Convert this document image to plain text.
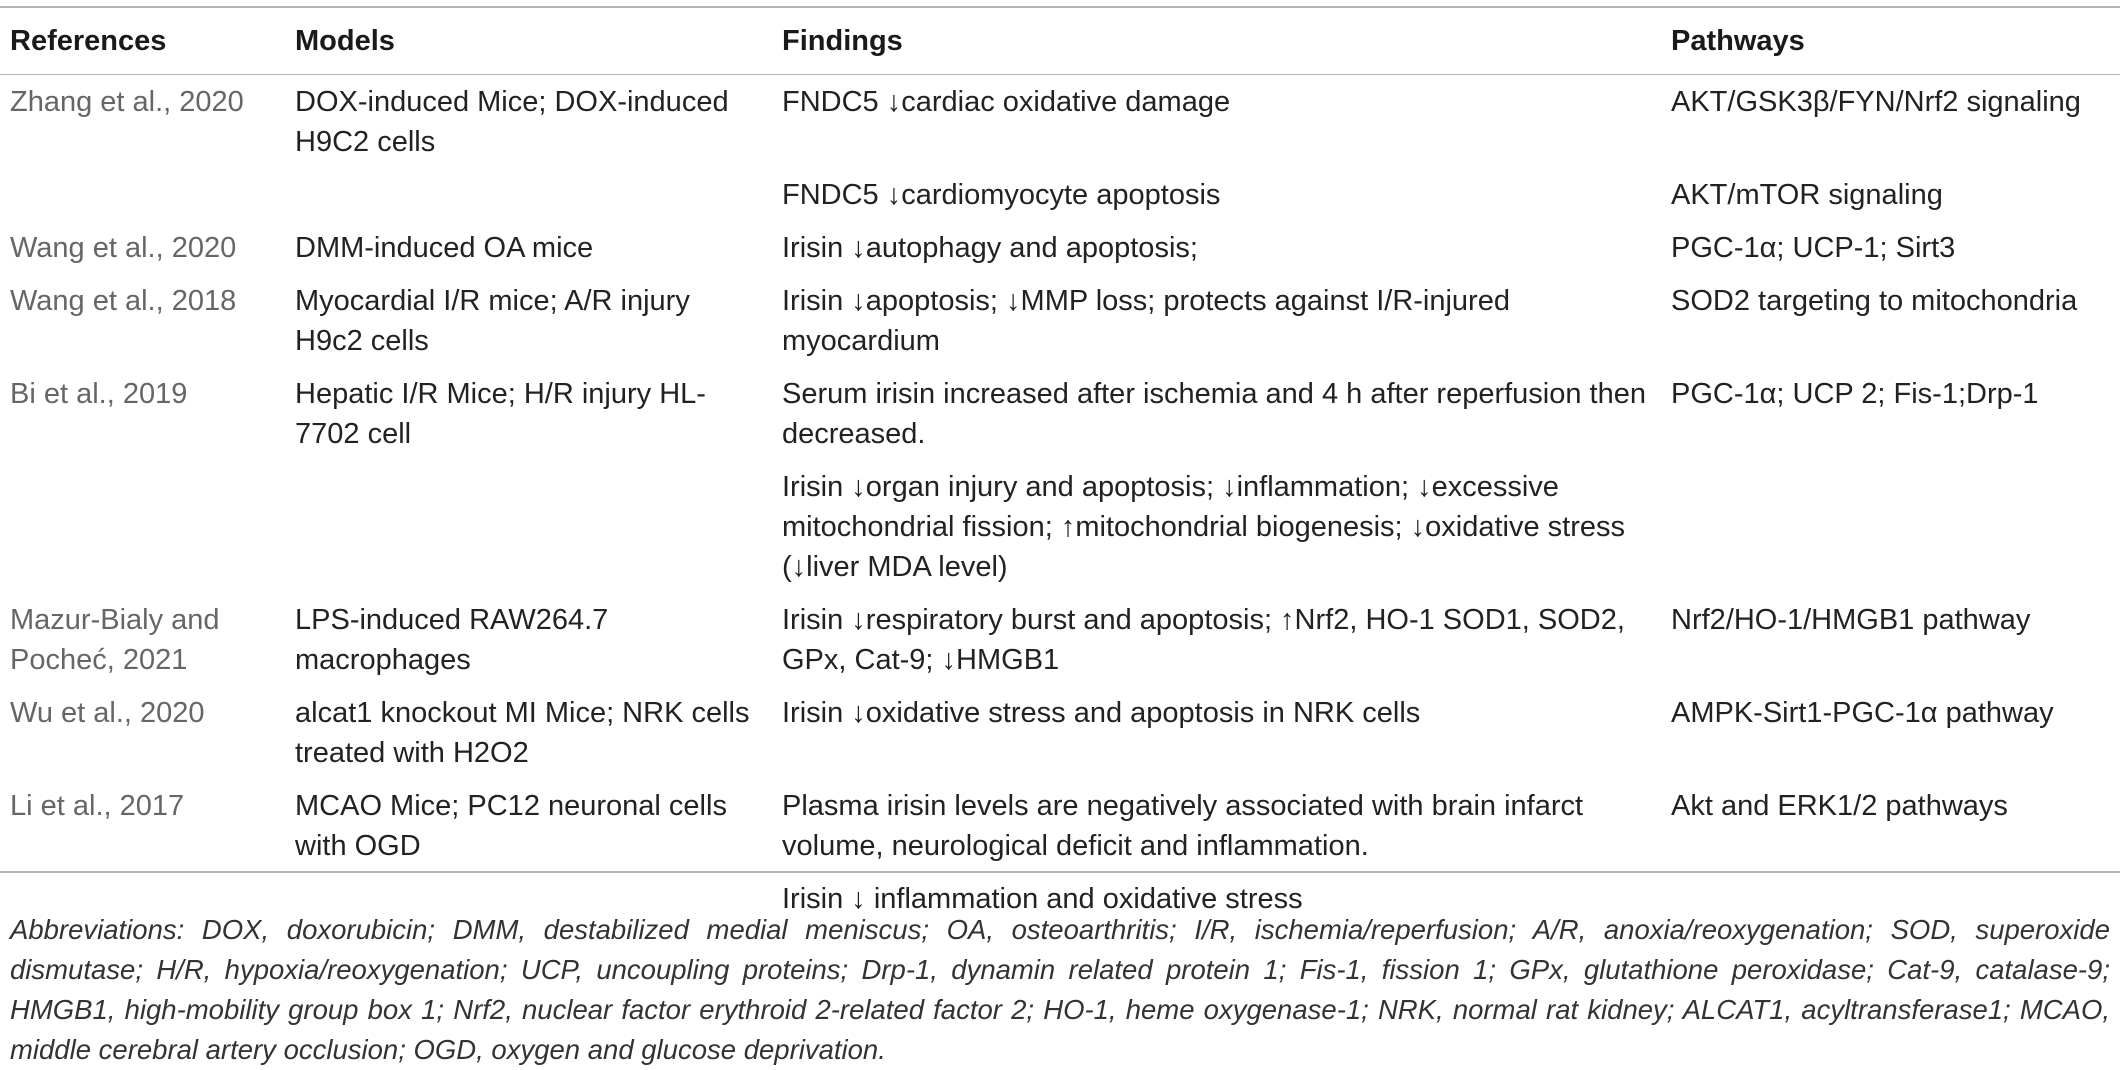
References	Models	Findings	Pathways
Zhang et al., 2020	DOX-induced Mice; DOX-induced H9C2 cells	FNDC5 ↓cardiac oxidative damage	AKT/GSK3β/FYN/Nrf2 signaling
		FNDC5 ↓cardiomyocyte apoptosis	AKT/mTOR signaling
Wang et al., 2020	DMM-induced OA mice	Irisin ↓autophagy and apoptosis;	PGC-1α; UCP-1; Sirt3
Wang et al., 2018	Myocardial I/R mice; A/R injury H9c2 cells	Irisin ↓apoptosis; ↓MMP loss; protects against I/R-injured myocardium	SOD2 targeting to mitochondria
Bi et al., 2019	Hepatic I/R Mice; H/R injury HL-7702 cell	Serum irisin increased after ischemia and 4 h after reperfusion then decreased.	PGC-1α; UCP 2; Fis-1;Drp-1
		Irisin ↓organ injury and apoptosis; ↓inflammation; ↓excessive mitochondrial fission; ↑mitochondrial biogenesis; ↓oxidative stress (↓liver MDA level)	
Mazur-Bialy and Pocheć, 2021	LPS-induced RAW264.7 macrophages	Irisin ↓respiratory burst and apoptosis; ↑Nrf2, HO-1 SOD1, SOD2, GPx, Cat-9; ↓HMGB1	Nrf2/HO-1/HMGB1 pathway
Wu et al., 2020	alcat1 knockout MI Mice; NRK cells treated with H2O2	Irisin ↓oxidative stress and apoptosis in NRK cells	AMPK-Sirt1-PGC-1α pathway
Li et al., 2017	MCAO Mice; PC12 neuronal cells with OGD	Plasma irisin levels are negatively associated with brain infarct volume, neurological deficit and inflammation.	Akt and ERK1/2 pathways
		Irisin ↓ inflammation and oxidative stress	

Abbreviations: DOX, doxorubicin; DMM, destabilized medial meniscus; OA, osteoarthritis; I/R, ischemia/reperfusion; A/R, anoxia/reoxygenation; SOD, superoxide dismutase; H/R, hypoxia/reoxygenation; UCP, uncoupling proteins; Drp-1, dynamin related protein 1; Fis-1, fission 1; GPx, glutathione peroxidase; Cat-9, catalase-9; HMGB1, high-mobility group box 1; Nrf2, nuclear factor erythroid 2-related factor 2; HO-1, heme oxygenase-1; NRK, normal rat kidney; ALCAT1, acyltransferase1; MCAO, middle cerebral artery occlusion; OGD, oxygen and glucose deprivation.
